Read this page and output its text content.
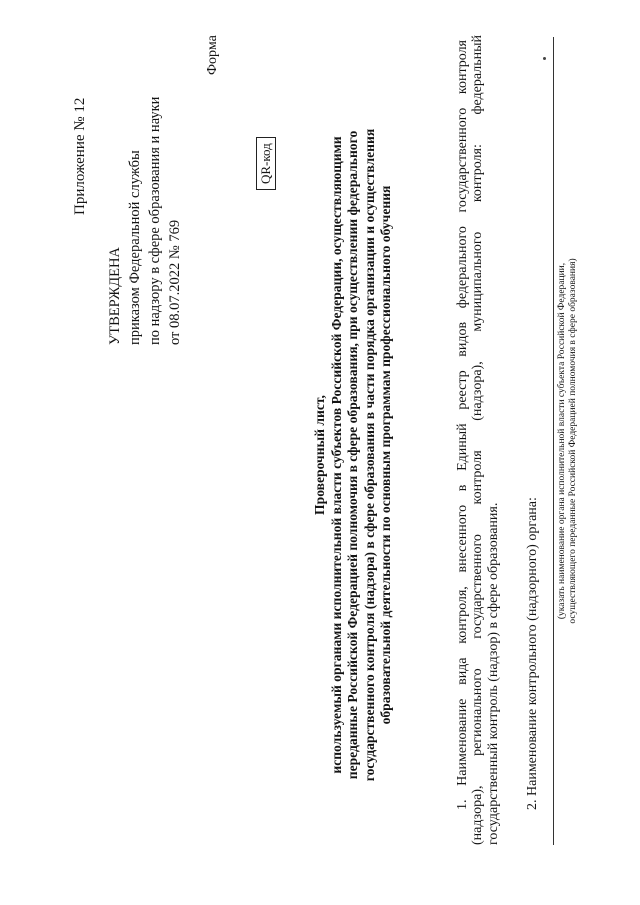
Приложение № 12
УТВЕРЖДЕНА приказом Федеральной службы по надзору в сфере образования и науки от 08.07.2022 № 769
Форма
QR-код
Проверочный лист, используемый органами исполнительной власти субъектов Российской Федерации, осуществляющими переданные Российской Федерацией полномочия в сфере образования, при осуществлении федерального государственного контроля (надзора) в сфере образования в части порядка организации и осуществления образовательной деятельности по основным программам профессионального обучения	1. Наименование вида контроля, внесенного в Единый реестр видов федерального государственного контроля (надзора), регионального государственного контроля (надзора), муниципального контроля: федеральный государственный контроль (надзор) в сфере образования. 2. Наименование контрольного (надзорного) органа:
(указать наименование органа исполнительной власти субъекта Российской Федерации, осуществляющего переданные Российской Федерацией полномочия в сфере образования)
